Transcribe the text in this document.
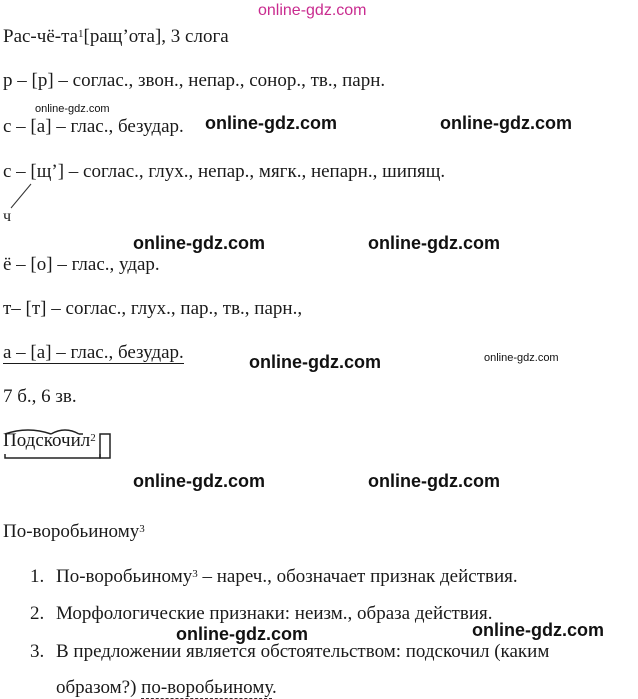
online-gdz.com
Рас-$чё-та^1[ращ’ота]$, 3 слога
р – [р] – соглас., звон., непар., сонор., тв., парн.
online-gdz.com
с – [а] – глас., безудар. online-gdz.com	online-gdz.com
с – [щ’] – соглас., глух., непар., мягк., непарн., шипящ.
ч
online-gdz.com	online-gdz.com
ё – [о] – глас., удар.
т– [т] – соглас., глух., пар., тв., парн.,
а – [а] – глас., безудар.	online-gdz.com	online-gdz.com
7 б., 6 зв.
Подскочил$^2$
online-gdz.com	online-gdz.com
По-воробьиному$^3$
1. По-воробьиному$^3$ – нареч., обозначает признак действия.
2. Морфологические признаки: неизм., образа действия.
online-gdz.com	online-gdz.com
3. В предложении является обстоятельством: подскочил (каким
образом?) по-воробьиному.
